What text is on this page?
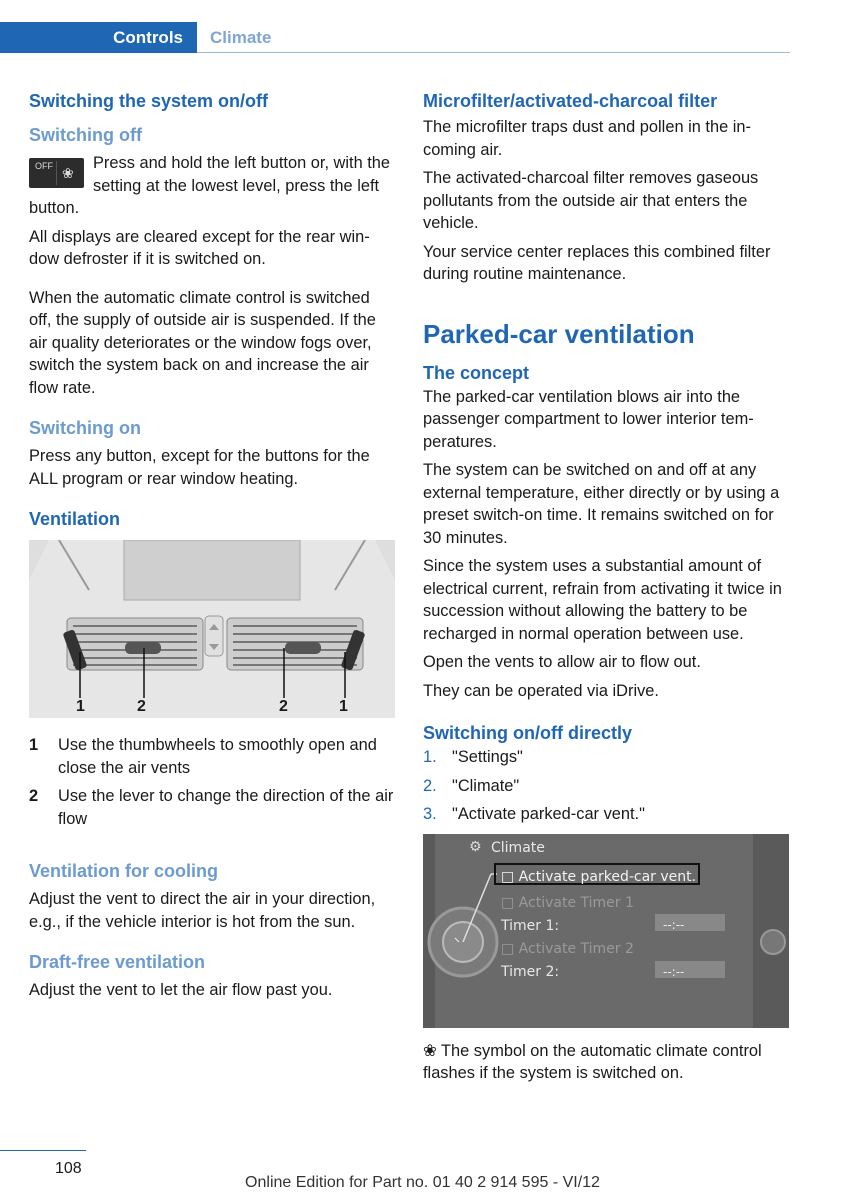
Controls	Climate
Switching the system on/off
Switching off

OFF ❀
Press and hold the left button or, with the setting at the lowest level, press the left button.

All displays are cleared except for the rear win-dow defroster if it is switched on.

When the automatic climate control is switched off, the supply of outside air is suspended. If the air quality deteriorates or the window fogs over, switch the system back on and increase the air flow rate.

Switching on

Press any button, except for the buttons for the ALL program or rear window heating.

Ventilation
1	2	2	1
1 Use the thumbwheels to smoothly open and close the air vents
2 Use the lever to change the direction of the air flow
Ventilation for cooling

Adjust the vent to direct the air in your direction, e.g., if the vehicle interior is hot from the sun.

Draft-free ventilation

Adjust the vent to let the air flow past you.

Microfilter/activated-charcoal filter

The microfilter traps dust and pollen in the in-coming air.

The activated-charcoal filter removes gaseous pollutants from the outside air that enters the vehicle.

Your service center replaces this combined filter during routine maintenance.

Parked-car ventilation
The concept

The parked-car ventilation blows air into the passenger compartment to lower interior tem-peratures.

The system can be switched on and off at any external temperature, either directly or by using a preset switch-on time. It remains switched on for 30 minutes.

Since the system uses a substantial amount of electrical current, refrain from activating it twice in succession without allowing the battery to be recharged in normal operation between use.

Open the vents to allow air to flow out.

They can be operated via iDrive.

Switching on/off directly
1. "Settings"
2. "Climate"
3. "Activate parked-car vent."
⚙ Climate
□ Activate parked-car vent.
□ Activate Timer 1
Timer 1:	--:--
□ Activate Timer 2
Timer 2:	--:--

❀ The symbol on the automatic climate control flashes if the system is switched on.

108
Online Edition for Part no. 01 40 2 914 595 - VI/12
